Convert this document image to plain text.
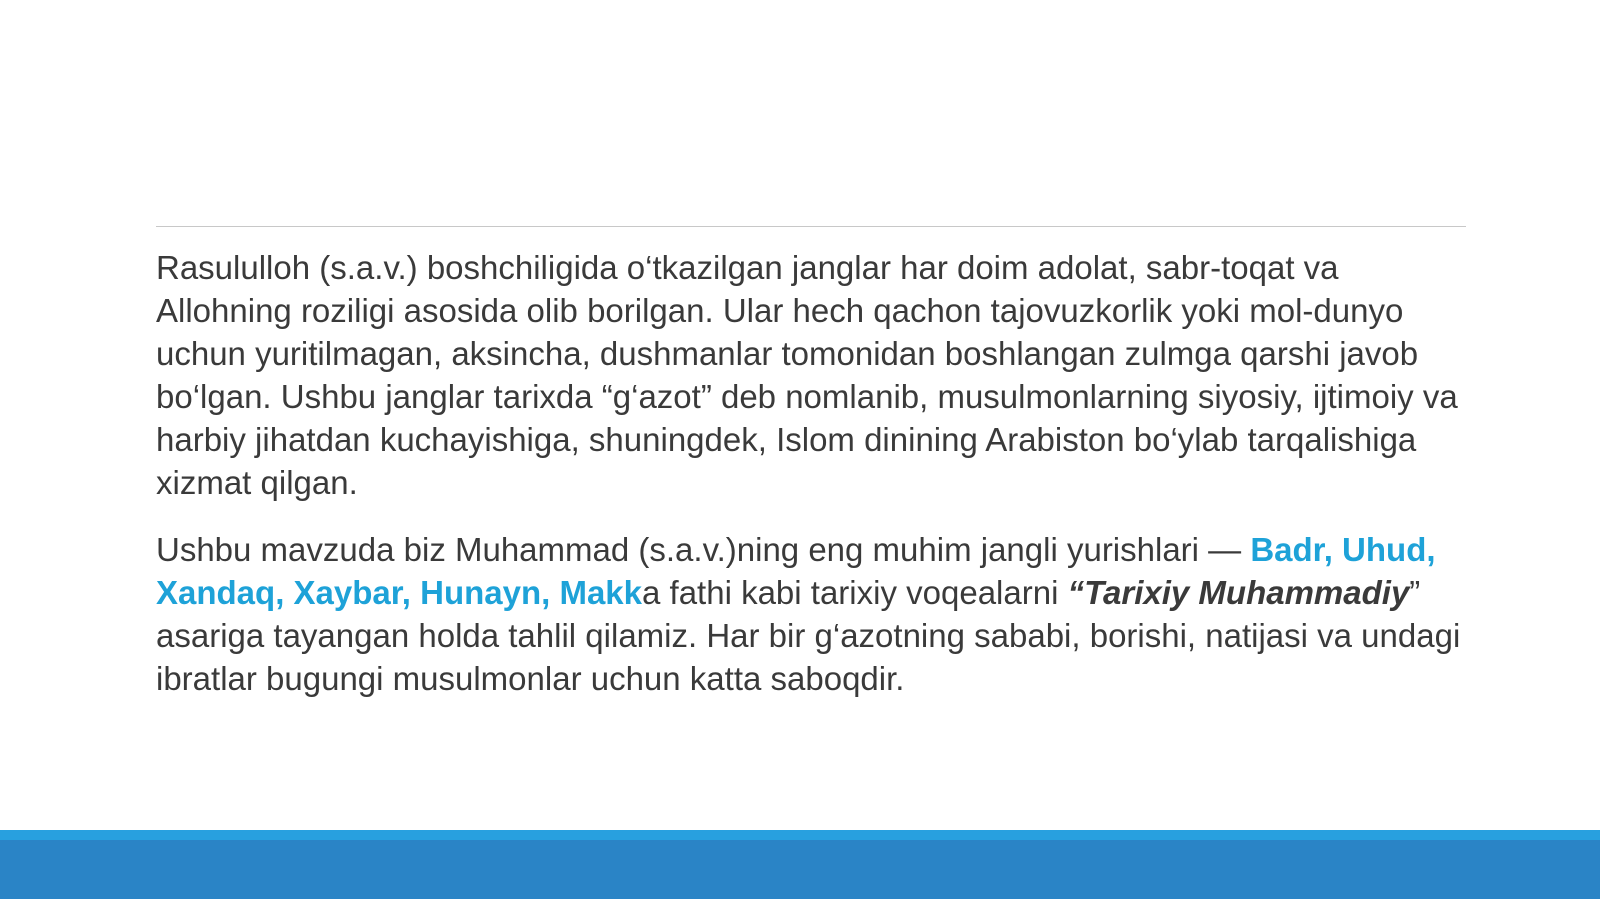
Rasululloh (s.a.v.) boshchiligida o‘tkazilgan janglar har doim adolat, sabr-toqat va Allohning roziligi asosida olib borilgan. Ular hech qachon tajovuzkorlik yoki mol-dunyo uchun yuritilmagan, aksincha, dushmanlar tomonidan boshlangan zulmga qarshi javob bo‘lgan. Ushbu janglar tarixda “g‘azot” deb nomlanib, musulmonlarning siyosiy, ijtimoiy va harbiy jihatdan kuchayishiga, shuningdek, Islom dinining Arabiston bo‘ylab tarqalishiga xizmat qilgan.

Ushbu mavzuda biz Muhammad (s.a.v.)ning eng muhim jangli yurishlari — Badr, Uhud, Xandaq, Xaybar, Hunayn, Makka fathi kabi tarixiy voqealarni “Tarixiy Muhammadiy” asariga tayangan holda tahlil qilamiz. Har bir g‘azotning sababi, borishi, natijasi va undagi ibratlar bugungi musulmonlar uchun katta saboqdir.
